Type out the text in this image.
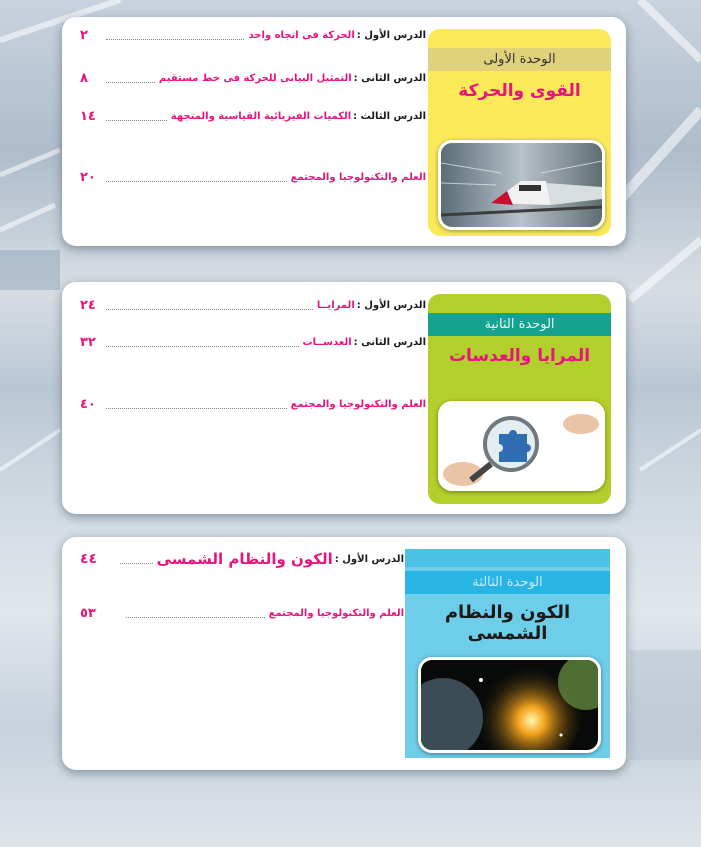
الوحدة الأولى
القوى والحركة
الدرس الأول :
الحركة فى اتجاه واحد
٢
الدرس الثانى :
التمثيل البيانى للحركة فى خط مستقيم
٨
الدرس الثالث :
الكميات الفيزيائية القياسية والمتجهة
١٤
العلم والتكنولوجيا والمجتمع
٢٠
الوحدة الثانية
المرايا والعدسات
الدرس الأول :
المرايــا
٢٤
الدرس الثانى :
العدســات
٣٢
العلم والتكنولوجيا والمجتمع
٤٠
الوحدة الثالثة
الكون والنظام الشمسى
الدرس الأول :
الكون والنظام الشمسى
٤٤
العلم والتكنولوجيا والمجتمع
٥٣
